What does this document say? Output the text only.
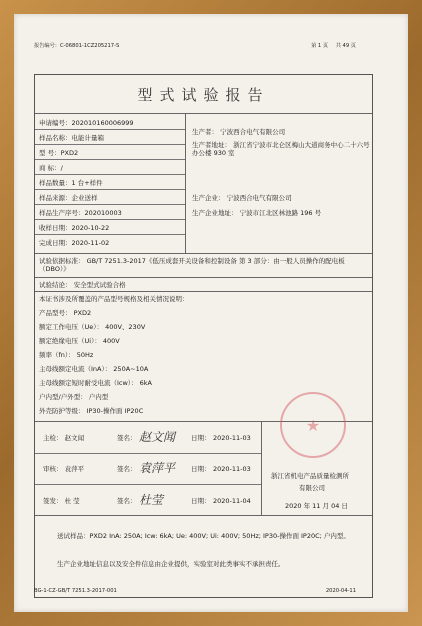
报告编号：C-06801-1CZ205217-S	第 1 页 共 49 页
型式试验报告
申请编号：202010160006999
样品名称：电能计量箱
型 号：PXD2
商 标：/
样品数量：1 台+样件
样品来源：企业送样
样品生产序号：202010003
收样日期：2020-10-22
完成日期：2020-11-02
生产者： 宁波西合电气有限公司
生产者地址： 浙江省宁波市北仑区梅山大道商务中心二十六号办公楼 930 室
生产企业： 宁波西合电气有限公司
生产企业地址： 宁波市江北区林池路 196 号
试验依据标准： GB/T 7251.3-2017《低压成套开关设备和控制设备 第 3 部分：由一般人员操作的配电板（DBO）》
试验结论： 安全型式试验合格
本证书涉及所覆盖的产品型号规格及相关情况说明：
产品型号： PXD2
额定工作电压（Ue）： 400V、230V
额定绝缘电压（Ui）： 400V
频率（fn）： 50Hz
主母线额定电流（InA）： 250A~10A
主母线额定短时耐受电流（Icw）： 6kA
户内型/户外型： 户内型
外壳防护等级： IP30-操作面 IP20C
主检： 赵文闻	签名： 赵文闻 日期： 2020-11-03
审核： 袁萍平	签名： 袁萍平 日期： 2020-11-03
签发： 杜 莹	签名： 杜莹	日期： 2020-11-04
浙江省机电产品质量检测所
有限公司
2020 年 11 月 04 日
送试样品：PXD2 InA: 250A; Icw: 6kA; Ue: 400V; Ui: 400V; 50Hz; IP30-操作面 IP20C; 户内型。
生产企业地址信息以及安全件信息由企业提供，实验室对此类事实不承担责任。
★
BG-1-CZ-GB/T 7251.3-2017-001	2020-04-11
